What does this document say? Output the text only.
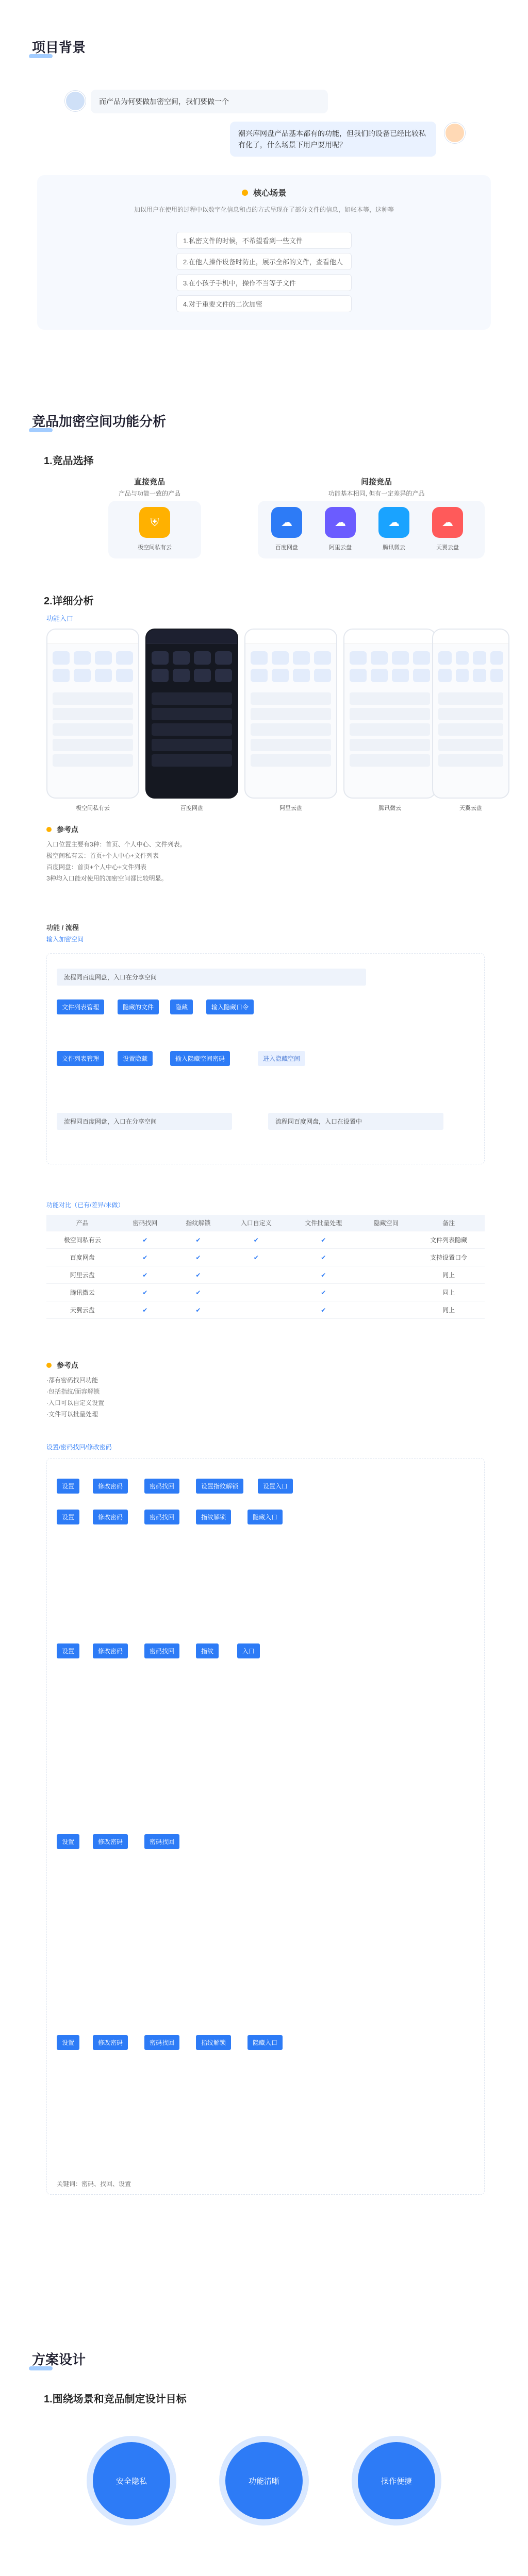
项目背景
而产品为何要做加密空间，我们要做一个
潮兴库网盘产品基本都有的功能，但我们的设备已经比较私有化了，什么场景下用户要用呢？
核心场景
加以用户在使用的过程中以数字化信息和点的方式呈现在了部分文件的信息，如帐本等，这种等
1.私密文件的时候，不希望看到一些文件
2.在他人操作设备时防止，展示全部的文件，查看他人
3.在小孩子手机中，操作不当等子文件
4.对于重要文件的二次加密
竞品加密空间功能分析
1.竞品选择
直接竞品
产品与功能一致的产品
⛨
极空间私有云
间接竞品
功能基本相同, 但有一定差异的产品
☁	☁	☁	☁
百度网盘	阿里云盘	腾讯微云	天翼云盘
2.详细分析
功能入口
极空间私有云	百度网盘	阿里云盘	腾讯微云	天翼云盘
参考点
入口位置主要有3种：首页、个人中心、文件列表。
极空间私有云：首页+个人中心+文件列表
百度网盘：首页+个人中心+文件列表
3种均入口能对使用的加密空间都比较明显。
功能 / 流程
输入加密空间
流程同百度网盘，入口在分享空间
文件列表管理	隐藏的文件	隐藏	输入隐藏口令
文件列表管理	设置隐藏	输入隐藏空间密码	进入隐藏空间
流程同百度网盘，入口在分享空间	流程同百度网盘，入口在设置中
功能对比（已有/差异/未做）
产品	密码找回	指纹解锁	入口自定义	文件批量处理	隐藏空间	备注
极空间私有云	✔	✔	✔	✔		文件列表隐藏
百度网盘	✔	✔	✔	✔		支持设置口令
阿里云盘	✔	✔		✔		同上
腾讯微云	✔	✔		✔		同上
天翼云盘	✔	✔		✔		同上
参考点
·都有密码找回功能
·包括指纹/面容解锁
·入口可以自定义设置
·文件可以批量处理
设置/密码找回/修改密码
设置	修改密码	密码找回	设置指纹解锁	设置入口
设置	修改密码	密码找回	指纹解锁	隐藏入口
设置	修改密码	密码找回	指纹	入口
设置	修改密码	密码找回
设置	修改密码	密码找回	指纹解锁	隐藏入口
关键词：密码、找回、设置
方案设计
1.围绕场景和竞品制定设计目标
安全隐私	功能清晰	操作便捷
